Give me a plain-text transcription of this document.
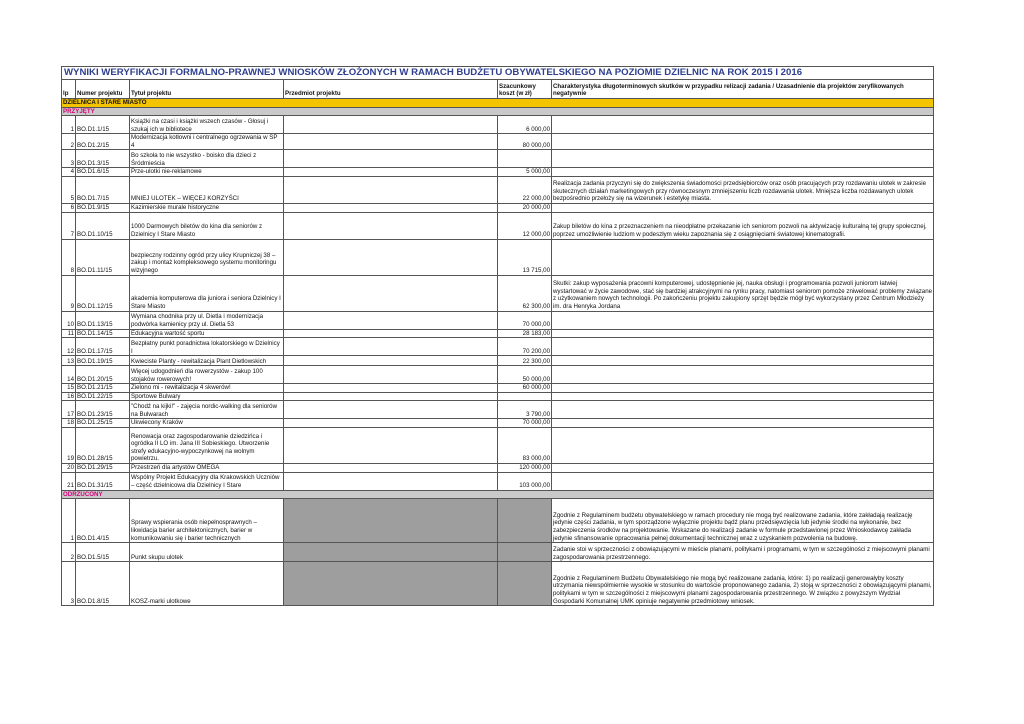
WYNIKI WERYFIKACJI FORMALNO-PRAWNEJ WNIOSKÓW ZŁOŻONYCH W RAMACH BUDŻETU OBYWATELSKIEGO NA POZIOMIE DZIELNIC NA ROK 2015 I 2016					
lp	Numer projektu	Tytuł projektu	Przedmiot projektu	Szacunkowy koszt (w zł)	Charakterystyka długoterminowych skutków w przypadku relizacji zadania / Uzasadnienie dla projektów zeryfikowanych negatywnie
DZIELNICA I STARE MIASTO					
PRZYJĘTY					
1	BO.D1.1/15	Książki na czasi i książki wszech czasów - Głosuj i szukaj ich w bibliotece		6 000,00	
2	BO.D1.2/15	Modernizacja kotłowni i centralnego ogrzewania w SP 4		80 000,00	
3	BO.D1.3/15	Bo szkoła to nie wszystko - boisko dla dzieci z Śródmieścia			
4	BO.D1.6/15	Prze-ulotki nie-reklamowe		5 000,00	
5	BO.D1.7/15	MNIEJ ULOTEK – WIĘCEJ KORZYŚCI		22 000,00	Realizacja zadania przyczyni się do zwiększenia świadomości przedsiębiorców oraz osób pracujących przy rozdawaniu ulotek w zakresie skutecznych działań marketingowych przy równoczesnym zmniejszeniu liczb rozdawania ulotek. Mniejsza liczba rozdawanych ulotek bezpośrednio przełoży się na wizerunek i estetykę miasta.
6	BO.D1.9/15	Kazimierskie murale historyczne		20 000,00	
7	BO.D1.10/15	1000 Darmowych biletów do kina dla seniorów z Dzielnicy I Stare Miasto		12 000,00	Zakup biletów do kina z przeznaczeniem na nieodpłatne przekazanie ich seniorom pozwoli na aktywizację kulturalną tej grupy społecznej, poprzez umożliwienie ludziom w podeszłym wieku zapoznania się z osiągnięciami światowej kinematografii.
8	BO.D1.11/15	bezpieczny rodzinny ogród przy ulicy Krupniczej 38 – zakup i montaż kompleksowego systemu monitoringu wizyjnego		13 715,00	
9	BO.D1.12/15	akademia komputerowa dla juniora i seniora Dzielnicy I Stare Miasto		62 300,00	Skutki: zakup wyposażenia pracowni komputerowej, udostępnienie jej, nauka obsługi i programowania pozwoli juniorom łatwiej wystartować w życie zawodowe, stać się bardziej atrakcyjnymi na rynku pracy, natomiast seniorom pomoże zniwelować problemy związane z użytkowaniem nowych technologii. Po zakończeniu projektu zakupiony sprzęt będzie mógł być wykorzystany przez Centrum Młodzieży im. dra Henryka Jordana
10	BO.D1.13/15	Wymiana chodnika przy ul. Dietla i modernizacja podwórka kamienicy przy ul. Dietla 53		70 000,00	
11	BO.D1.14/15	Edukacyjna wartość sportu		28 183,00	
12	BO.D1.17/15	Bezpłatny punkt poradnictwa lokatorskiego w Dzielnicy I		70 200,00	
13	BO.D1.19/15	Kwieciste Planty - rewitalizacja Plant Dietlowskich		22 300,00	
14	BO.D1.20/15	Więcej udogodnień dla rowerzystów - zakup 100 stojaków rowerowych!		50 000,00	
15	BO.D1.21/15	Zielono mi - rewitalizacja 4 skwerów!		60 000,00	
16	BO.D1.22/15	Sportowe Bulwary			
17	BO.D1.23/15	"Chodź na kijki!" - zajęcia nordic-walking dla seniorów na Bulwarach		3 790,00	
18	BO.D1.25/15	Ukwiecony Kraków		70 000,00	
19	BO.D1.28/15	Renowacja oraz zagospodarowanie dziedzińca i ogródka II LO im. Jana III Sobieskiego. Utworzenie strefy edukacyjno-wypoczynkowej na wolnym powietrzu.		83 000,00	
20	BO.D1.29/15	Przestrzeń dla artystów OMEGA		120 000,00	
21	BO.D1.31/15	Wspólny Projekt Edukacyjny dla Krakowskich Uczniów – część dzielnicowa dla Dzielnicy I Stare		103 000,00	
ODRZUCONY					
1	BO.D1.4/15	Sprawy wspierania osób niepełnosprawnych – likwidacja barier architektonicznych, barier w komunikowaniu się i barier technicznych			Zgodnie z Regulaminem budżetu obywatelskiego w ramach procedury nie mogą być realizowane zadania, które zakładają realizację jedynie części zadania, w tym sporządzone wyłącznie projektu bądź planu przedsięwzięcia lub jedynie środki na wykonanie, bez zabezpieczenia środków na projektowanie. Wskazane do realizacji zadanie w formule przedstawionej przez Wnioskodawcę zakłada jedynie sfinansowanie opracowania pełnej dokumentacji technicznej wraz z uzyskaniem pozwolenia na budowę.
2	BO.D1.5/15	Punkt skupu ulotek			Zadanie stoi w sprzeczności z obowiązującymi w mieście planami, politykami i programami, w tym w szczególności z miejscowymi planami zagospodarowania przestrzennego.
3	BO.D1.8/15	KOSZ-marki ulotkowe			Zgodnie z Regulaminem Budżetu Obywatelskiego nie mogą być realizowane zadania, które: 1) po realizacji generowałyby koszty utrzymania niewspółmiernie wysokie w stosunku do wartoście proponowanego zadania, 2) stoją w sprzeczności z obowiązującymi planami, politykami w tym w szczególności z miejscowymi planami zagospodarowania przestrzennego. W związku z powyższym Wydział Gospodarki Komunalnej UMK opiniuje negatywnie przedmiotowy wniosek.
